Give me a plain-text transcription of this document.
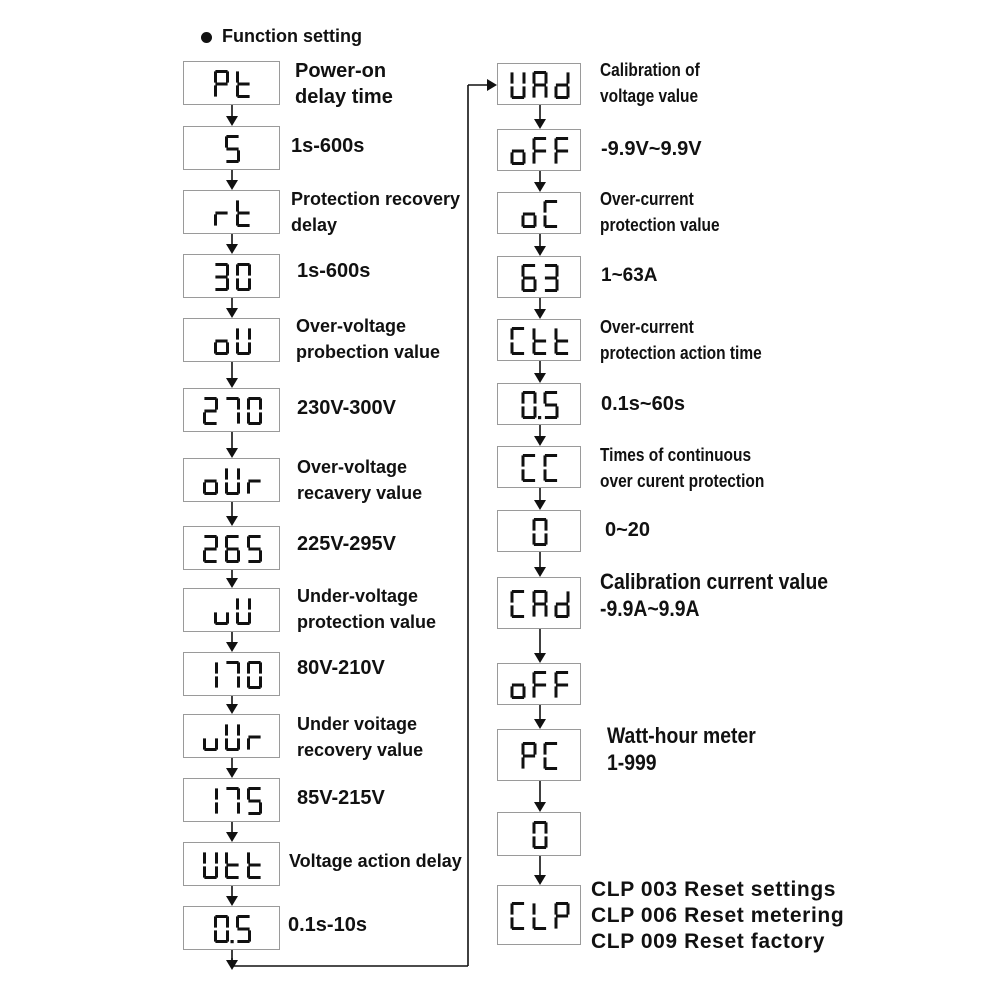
Function setting
Power-on
delay time
1s-600s
Protection recovery
delay
1s-600s
Over-voltage
probection value
230V-300V
Over-voltage
recavery value
225V-295V
Under-voltage
protection value
80V-210V
Under voitage
recovery value
85V-215V
Voltage action delay
0.1s-10s
Calibration of
voltage value
-9.9V~9.9V
Over-current
protection value
1~63A
Over-current
protection action time
0.1s~60s
Times of continuous
over curent protection
0~20
Calibration current value
-9.9A~9.9A
Watt-hour meter
1-999
CLP 003 Reset settings
CLP 006 Reset metering
CLP 009 Reset factory
